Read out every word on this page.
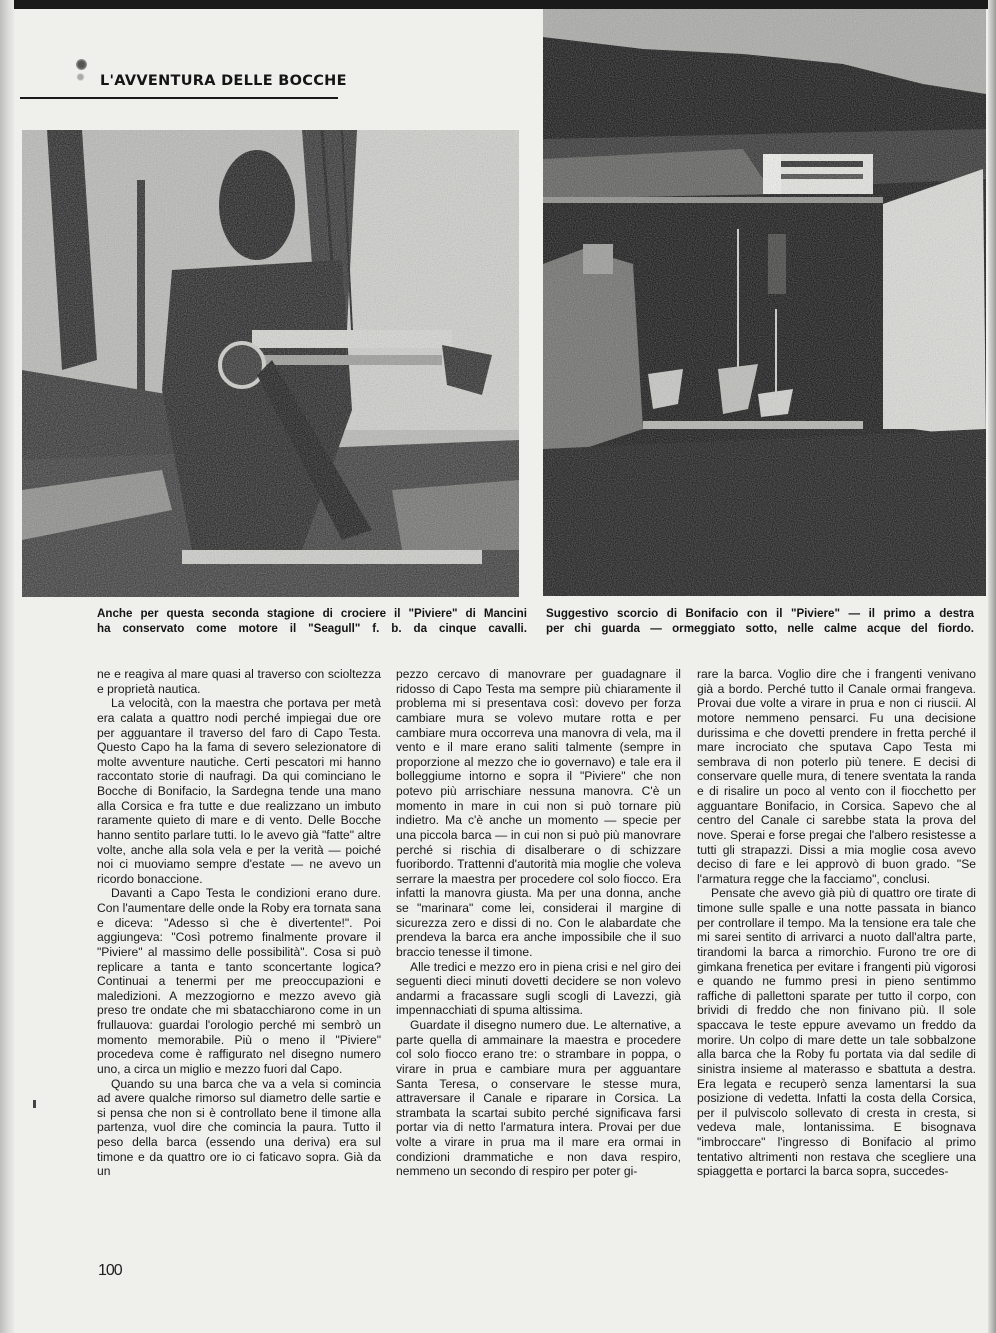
L'AVVENTURA DELLE BOCCHE
Anche per questa seconda stagione di crociere il "Piviere" di Mancini
ha conservato come motore il "Seagull" f. b. da cinque cavalli.
Suggestivo scorcio di Bonifacio con il "Piviere" — il primo a destra
per chi guarda — ormeggiato sotto, nelle calme acque del fiordo.

ne e reagiva al mare quasi al traverso con scioltezza e proprietà nautica.

La velocità, con la maestra che portava per metà era calata a quattro nodi perché impiegai due ore per agguantare il traverso del faro di Capo Testa. Questo Capo ha la fama di severo selezionatore di molte avventure nautiche. Certi pescatori mi hanno raccontato storie di naufragi. Da qui cominciano le Bocche di Bonifacio, la Sardegna tende una mano alla Corsica e fra tutte e due realizzano un imbuto raramente quieto di mare e di vento. Delle Bocche hanno sentito parlare tutti. Io le avevo già "fatte" altre volte, anche alla sola vela e per la verità — poiché noi ci muoviamo sempre d'estate — ne avevo un ricordo bonaccione.

Davanti a Capo Testa le condizioni erano dure. Con l'aumentare delle onde la Roby era tornata sana e diceva: "Adesso sì che è divertente!". Poi aggiungeva: "Così potremo finalmente provare il "Piviere" al massimo delle possibilità". Cosa si può replicare a tanta e tanto sconcertante logica? Continuai a tenermi per me preoccupazioni e maledizioni. A mezzogiorno e mezzo avevo già preso tre ondate che mi sbatacchiarono come in un frullauova: guardai l'orologio perché mi sembrò un momento memorabile. Più o meno il "Piviere" procedeva come è raffigurato nel disegno numero uno, a circa un miglio e mezzo fuori dal Capo.

Quando su una barca che va a vela si comincia ad avere qualche rimorso sul diametro delle sartie e si pensa che non si è controllato bene il timone alla partenza, vuol dire che comincia la paura. Tutto il peso della barca (essendo una deriva) era sul timone e da quattro ore io ci faticavo sopra. Già da un

pezzo cercavo di manovrare per guadagnare il ridosso di Capo Testa ma sempre più chiaramente il problema mi si presentava così: dovevo per forza cambiare mura se volevo mutare rotta e per cambiare mura occorreva una manovra di vela, ma il vento e il mare erano saliti talmente (sempre in proporzione al mezzo che io governavo) e tale era il bolleggiume intorno e sopra il "Piviere" che non potevo più arrischiare nessuna manovra. C'è un momento in mare in cui non si può tornare più indietro. Ma c'è anche un momento — specie per una piccola barca — in cui non si può più manovrare perché si rischia di disalberare o di schizzare fuoribordo. Trattenni d'autorità mia moglie che voleva serrare la maestra per procedere col solo fiocco. Era infatti la manovra giusta. Ma per una donna, anche se "marinara" come lei, considerai il margine di sicurezza zero e dissi di no. Con le alabardate che prendeva la barca era anche impossibile che il suo braccio tenesse il timone.

Alle tredici e mezzo ero in piena crisi e nel giro dei seguenti dieci minuti dovetti decidere se non volevo andarmi a fracassare sugli scogli di Lavezzi, già impennacchiati di spuma altissima.

Guardate il disegno numero due. Le alternative, a parte quella di ammainare la maestra e procedere col solo fiocco erano tre: o strambare in poppa, o virare in prua e cambiare mura per agguantare Santa Teresa, o conservare le stesse mura, attraversare il Canale e riparare in Corsica. La strambata la scartai subito perché significava farsi portar via di netto l'armatura intera. Provai per due volte a virare in prua ma il mare era ormai in condizioni drammatiche e non dava respiro, nemmeno un secondo di respiro per poter gi-

rare la barca. Voglio dire che i frangenti venivano già a bordo. Perché tutto il Canale ormai frangeva. Provai due volte a virare in prua e non ci riuscii. Al motore nemmeno pensarci. Fu una decisione durissima e che dovetti prendere in fretta perché il mare incrociato che sputava Capo Testa mi sembrava di non poterlo più tenere. E decisi di conservare quelle mura, di tenere sventata la randa e di risalire un poco al vento con il fiocchetto per agguantare Bonifacio, in Corsica. Sapevo che al centro del Canale ci sarebbe stata la prova del nove. Sperai e forse pregai che l'albero resistesse a tutti gli strapazzi. Dissi a mia moglie cosa avevo deciso di fare e lei approvò di buon grado. "Se l'armatura regge che la facciamo", conclusi.

Pensate che avevo già più di quattro ore tirate di timone sulle spalle e una notte passata in bianco per controllare il tempo. Ma la tensione era tale che mi sarei sentito di arrivarci a nuoto dall'altra parte, tirandomi la barca a rimorchio. Furono tre ore di gimkana frenetica per evitare i frangenti più vigorosi e quando ne fummo presi in pieno sentimmo raffiche di pallettoni sparate per tutto il corpo, con brividi di freddo che non finivano più. Il sole spaccava le teste eppure avevamo un freddo da morire. Un colpo di mare dette un tale sobbalzone alla barca che la Roby fu portata via dal sedile di sinistra insieme al materasso e sbattuta a destra. Era legata e recuperò senza lamentarsi la sua posizione di vedetta. Infatti la costa della Corsica, per il pulviscolo sollevato di cresta in cresta, si vedeva male, lontanissima. E bisognava "imbroccare" l'ingresso di Bonifacio al primo tentativo altrimenti non restava che scegliere una spiaggetta e portarci la barca sopra, succedes-

100
